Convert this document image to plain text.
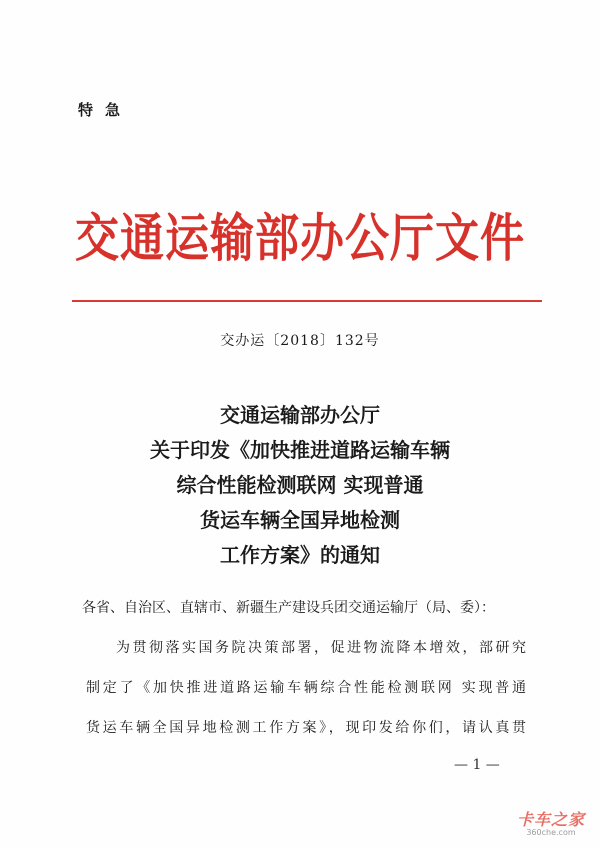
特急
交通运输部办公厅文件
交办运〔2018〕132号
交通运输部办公厅
关于印发《加快推进道路运输车辆
综合性能检测联网 实现普通
货运车辆全国异地检测
工作方案》的通知
各省、自治区、直辖市、新疆生产建设兵团交通运输厅（局、委）：
为贯彻落实国务院决策部署，促进物流降本增效，部研究
制定了《加快推进道路运输车辆综合性能检测联网 实现普通
货运车辆全国异地检测工作方案》，现印发给你们，请认真贯
— 1 —
卡车之家
360che.com
